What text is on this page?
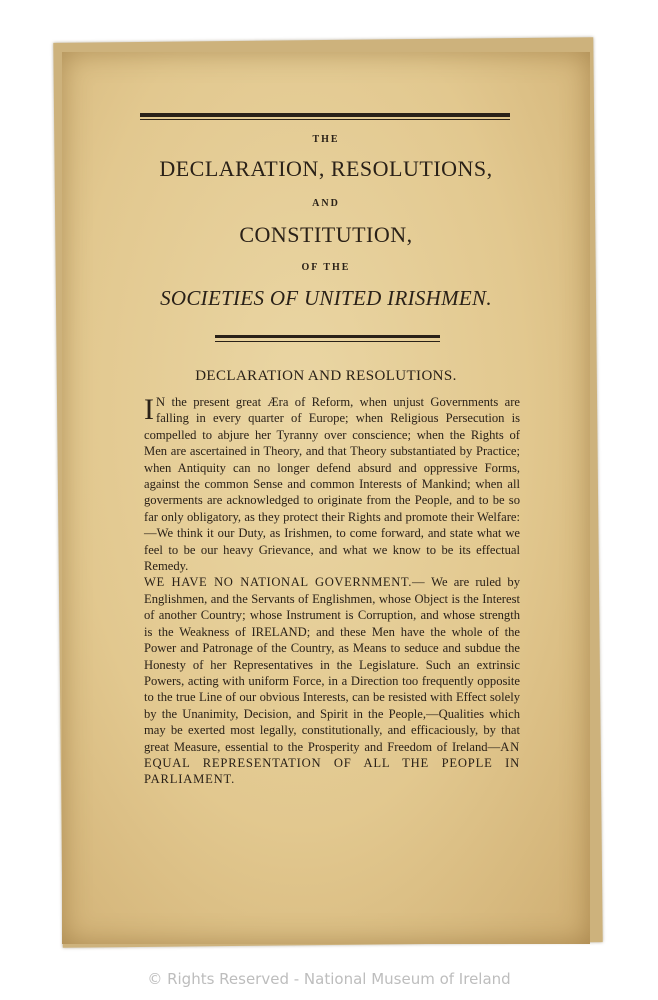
THE
DECLARATION, RESOLUTIONS,
AND
CONSTITUTION,
OF THE
SOCIETIES OF UNITED IRISHMEN.
DECLARATION AND RESOLUTIONS.

I N the present great Æra of Reform, when unjust Governments are falling in every quarter of Europe; when Religious Persecution is compelled to abjure her Tyranny over conscience; when the Rights of Men are ascertained in Theory, and that Theory substantiated by Practice; when Antiquity can no longer defend absurd and oppressive Forms, against the common Sense and common Interests of Mankind; when all goverments are acknowledged to originate from the People, and to be so far only obligatory, as they protect their Rights and promote their Welfare:—We think it our Duty, as Irishmen, to come forward, and state what we feel to be our heavy Grievance, and what we know to be its effectual Remedy.

WE HAVE NO NATIONAL GOVERNMENT.— We are ruled by Englishmen, and the Servants of Englishmen, whose Object is the Interest of another Country; whose Instrument is Corruption, and whose strength is the Weakness of IRELAND; and these Men have the whole of the Power and Patronage of the Country, as Means to seduce and subdue the Honesty of her Representatives in the Legislature. Such an extrinsic Powers, acting with uniform Force, in a Direction too frequently opposite to the true Line of our obvious Interests, can be resisted with Effect solely by the Unanimity, Decision, and Spirit in the People,—Qualities which may be exerted most legally, constitutionally, and efficaciously, by that great Measure, essential to the Prosperity and Freedom of Ireland—AN EQUAL REPRESENTATION OF ALL THE PEOPLE IN PARLIAMENT.

© Rights Reserved - National Museum of Ireland
